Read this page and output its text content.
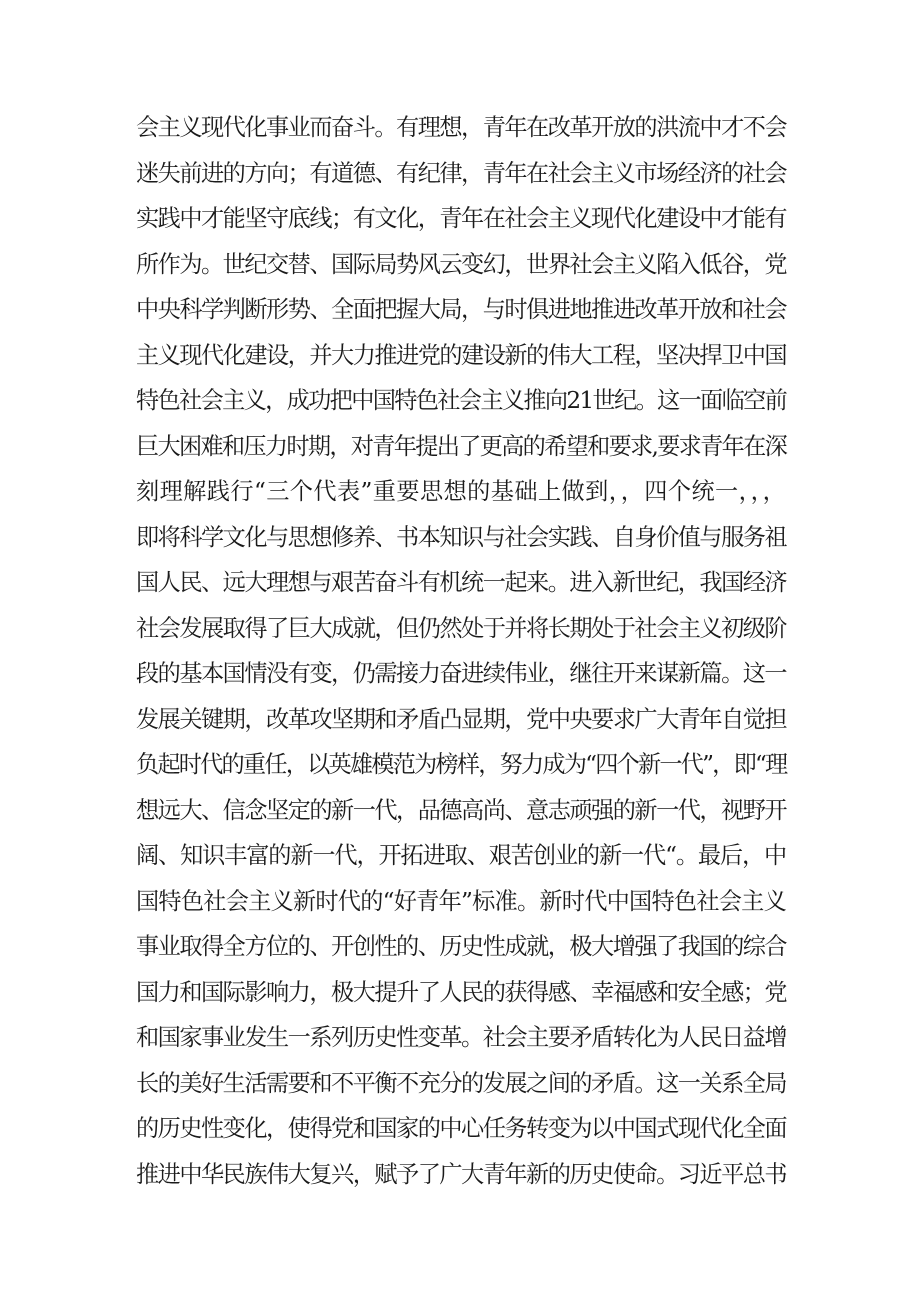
会主义现代化事业而奋斗。有理想，青年在改革开放的洪流中才不会
迷失前进的方向；有道德、有纪律，青年在社会主义市场经济的社会
实践中才能坚守底线；有文化，青年在社会主义现代化建设中才能有
所作为。世纪交替、国际局势风云变幻，世界社会主义陷入低谷，党
中央科学判断形势、全面把握大局，与时俱进地推进改革开放和社会
主义现代化建设，并大力推进党的建设新的伟大工程，坚决捍卫中国
特色社会主义，成功把中国特色社会主义推向21世纪。这一面临空前
巨大困难和压力时期，对青年提出了更高的希望和要求,要求青年在深
刻理解践行“三个代表”重要思想的基础上做到，，四个统一，，，
即将科学文化与思想修养、书本知识与社会实践、自身价值与服务祖
国人民、远大理想与艰苦奋斗有机统一起来。进入新世纪，我国经济
社会发展取得了巨大成就，但仍然处于并将长期处于社会主义初级阶
段的基本国情没有变，仍需接力奋进续伟业，继往开来谋新篇。这一
发展关键期，改革攻坚期和矛盾凸显期，党中央要求广大青年自觉担
负起时代的重任，以英雄模范为榜样，努力成为“四个新一代”，即“理
想远大、信念坚定的新一代，品德高尚、意志顽强的新一代，视野开
阔、知识丰富的新一代，开拓进取、艰苦创业的新一代“。最后，中
国特色社会主义新时代的“好青年”标准。新时代中国特色社会主义
事业取得全方位的、开创性的、历史性成就，极大增强了我国的综合
国力和国际影响力，极大提升了人民的获得感、幸福感和安全感；党
和国家事业发生一系列历史性变革。社会主要矛盾转化为人民日益增
长的美好生活需要和不平衡不充分的发展之间的矛盾。这一关系全局
的历史性变化，使得党和国家的中心任务转变为以中国式现代化全面
推进中华民族伟大复兴，赋予了广大青年新的历史使命。习近平总书
